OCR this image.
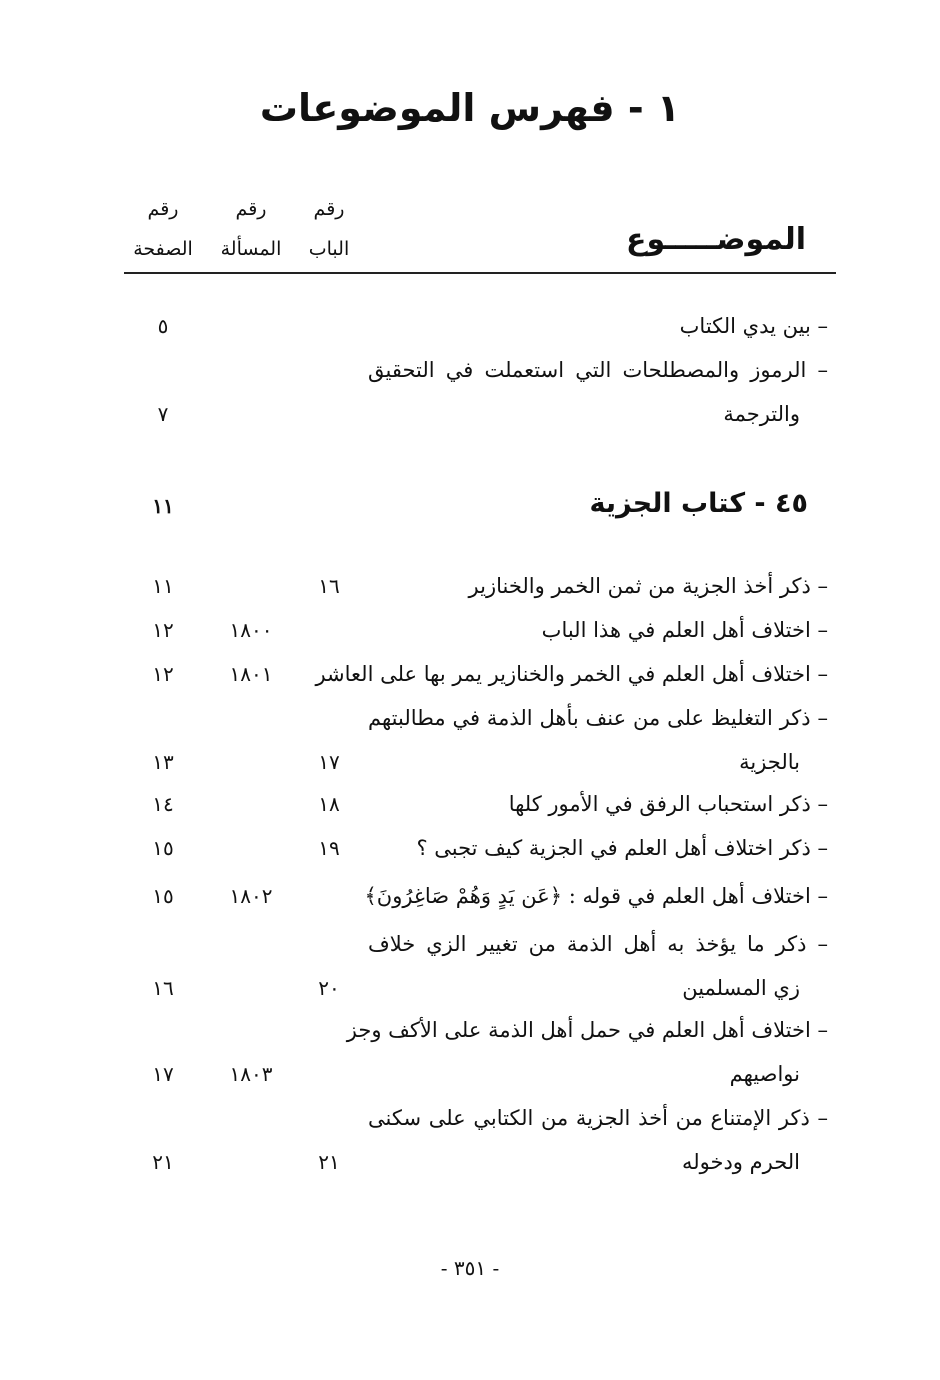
١ - فهرس الموضوعات
رقم
الصفحة
رقم
المسألة
رقم
الباب	الموضـــــوع
– بين يدي الكتاب
٥
– الرموز والمصطلحات التي استعملت في التحقيق
والترجمة
٧
٤٥ - كتاب الجزية
١١
– ذكر أخذ الجزية من ثمن الخمر والخنازير
١٦
١١
– اختلاف أهل العلم في هذا الباب
١٨٠٠
١٢
– اختلاف أهل العلم في الخمر والخنازير يمر بها على العاشر
١٨٠١
١٢
– ذكر التغليظ على من عنف بأهل الذمة في مطالبتهم
بالجزية
١٧
١٣
– ذكر استحباب الرفق في الأمور كلها
١٨
١٤
– ذكر اختلاف أهل العلم في الجزية كيف تجبى ؟
١٩
١٥
– اختلاف أهل العلم في قوله : ﴿عَن يَدٍ وَهُمْ صَاغِرُونَ﴾
١٨٠٢
١٥
– ذكر ما يؤخذ به أهل الذمة من تغيير الزي خلاف
زي المسلمين
٢٠
١٦
– اختلاف أهل العلم في حمل أهل الذمة على الأكف وجز
نواصيهم
١٨٠٣
١٧
– ذكر الإمتناع من أخذ الجزية من الكتابي على سكنى
الحرم ودخوله
٢١
٢١
- ٣٥١ -
